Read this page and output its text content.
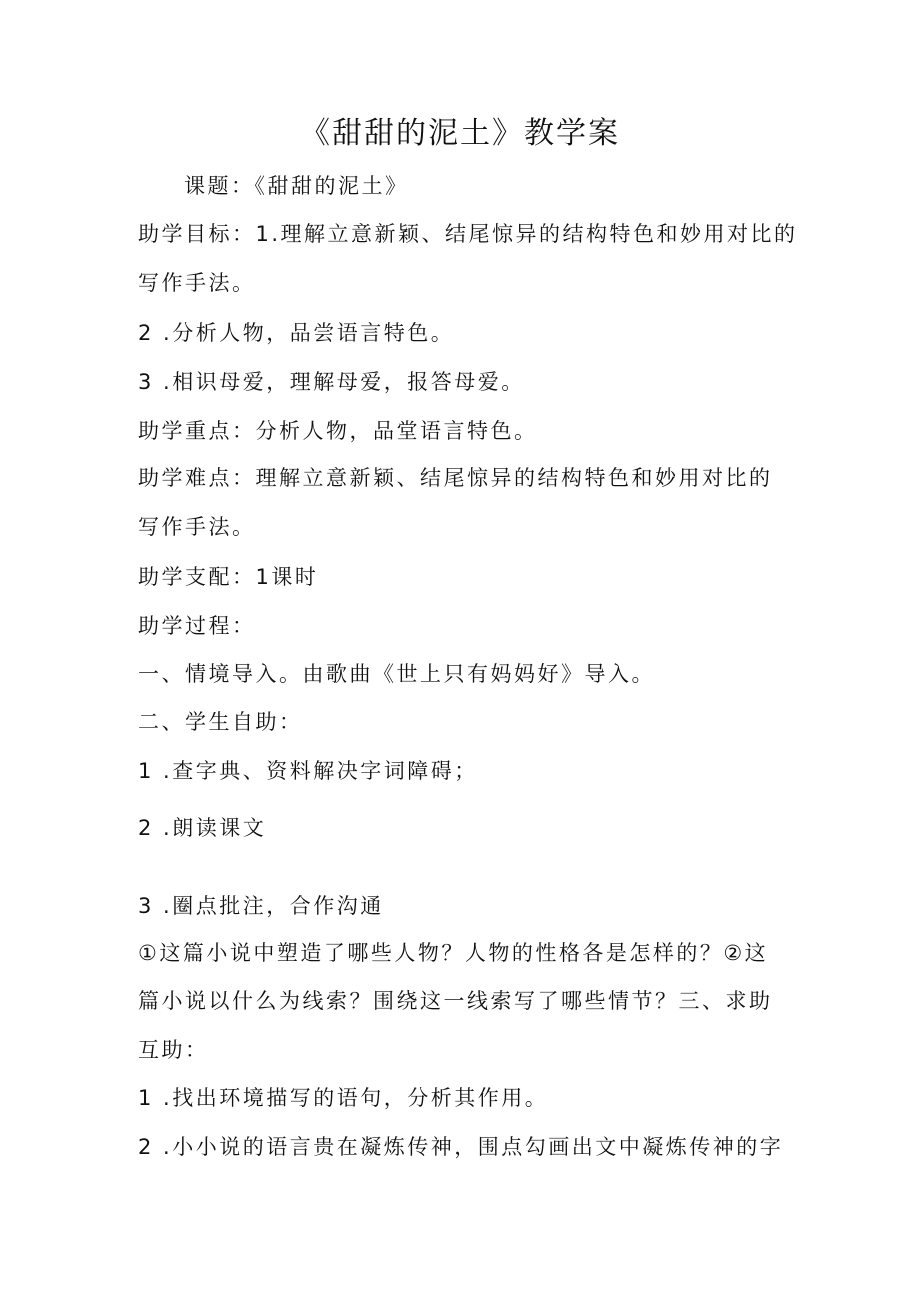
《甜甜的泥土》教学案
课题：《甜甜的泥土》
助学目标：1.理解立意新颖、结尾惊异的结构特色和妙用对比的
写作手法。
2 .分析人物，品尝语言特色。
3 .相识母爱，理解母爱，报答母爱。
助学重点：分析人物，品堂语言特色。
助学难点：理解立意新颖、结尾惊异的结构特色和妙用对比的
写作手法。
助学支配：1课时
助学过程：
一、情境导入。由歌曲《世上只有妈妈好》导入。
二、学生自助：
1 .查字典、资料解决字词障碍；
2 .朗读课文
3 .圈点批注，合作沟通
①这篇小说中塑造了哪些人物？人物的性格各是怎样的？②这
篇小说以什么为线索？围绕这一线索写了哪些情节？三、求助
互助：
1 .找出环境描写的语句，分析其作用。
2 .小小说的语言贵在凝炼传神，围点勾画出文中凝炼传神的字
